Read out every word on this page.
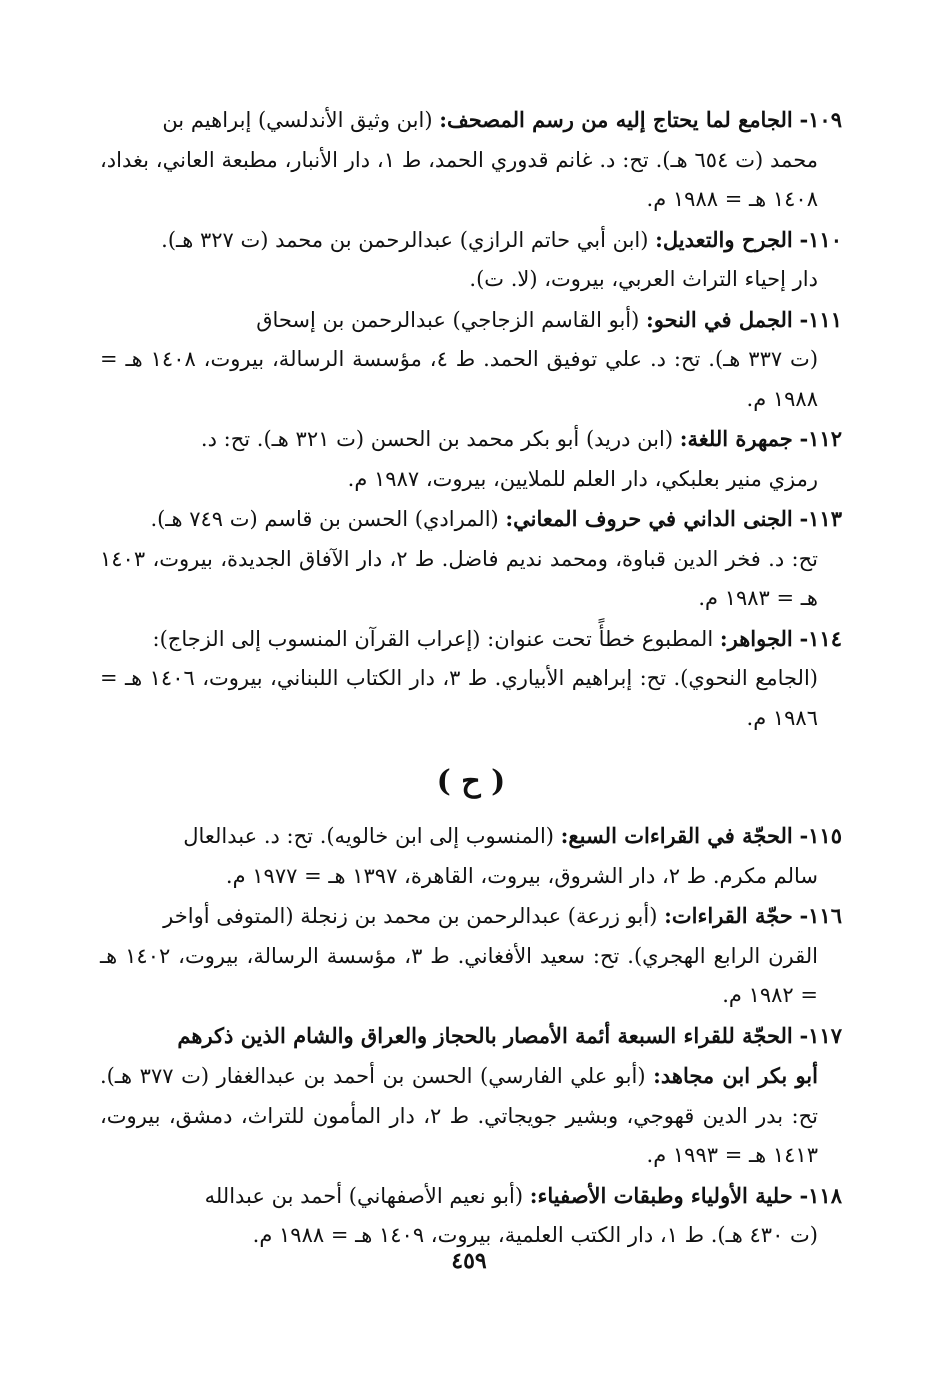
١٠٩- الجامع لما يحتاج إليه من رسم المصحف: (ابن وثيق الأندلسي) إبراهيم بن
محمد (ت ٦٥٤ هـ). تح: د. غانم قدوري الحمد، ط ١، دار الأنبار، مطبعة العاني، بغداد، ١٤٠٨ هـ = ١٩٨٨ م.
١١٠- الجرح والتعديل: (ابن أبي حاتم الرازي) عبدالرحمن بن محمد (ت ٣٢٧ هـ).
دار إحياء التراث العربي، بيروت، (لا. ت).
١١١- الجمل في النحو: (أبو القاسم الزجاجي) عبدالرحمن بن إسحاق
(ت ٣٣٧ هـ). تح: د. علي توفيق الحمد. ط ٤، مؤسسة الرسالة، بيروت، ١٤٠٨ هـ = ١٩٨٨ م.
١١٢- جمهرة اللغة: (ابن دريد) أبو بكر محمد بن الحسن (ت ٣٢١ هـ). تح: د.
رمزي منير بعلبكي، دار العلم للملايين، بيروت، ١٩٨٧ م.
١١٣- الجنى الداني في حروف المعاني: (المرادي) الحسن بن قاسم (ت ٧٤٩ هـ).
تح: د. فخر الدين قباوة، ومحمد نديم فاضل. ط ٢، دار الآفاق الجديدة، بيروت، ١٤٠٣ هـ = ١٩٨٣ م.
١١٤- الجواهر: المطبوع خطأً تحت عنوان: (إعراب القرآن المنسوب إلى الزجاج):
(الجامع النحوي). تح: إبراهيم الأبياري. ط ٣، دار الكتاب اللبناني، بيروت، ١٤٠٦ هـ = ١٩٨٦ م.
( ح )
١١٥- الحجّة في القراءات السبع: (المنسوب إلى ابن خالويه). تح: د. عبدالعال
سالم مكرم. ط ٢، دار الشروق، بيروت، القاهرة، ١٣٩٧ هـ = ١٩٧٧ م.
١١٦- حجّة القراءات: (أبو زرعة) عبدالرحمن بن محمد بن زنجلة (المتوفى أواخر
القرن الرابع الهجري). تح: سعيد الأفغاني. ط ٣، مؤسسة الرسالة، بيروت، ١٤٠٢ هـ = ١٩٨٢ م.
١١٧- الحجّة للقراء السبعة أئمة الأمصار بالحجاز والعراق والشام الذين ذكرهم
أبو بكر ابن مجاهد: (أبو علي الفارسي) الحسن بن أحمد بن عبدالغفار (ت ٣٧٧ هـ). تح: بدر الدين قهوجي، وبشير جويجاتي. ط ٢، دار المأمون للتراث، دمشق، بيروت، ١٤١٣ هـ = ١٩٩٣ م.
١١٨- حلية الأولياء وطبقات الأصفياء: (أبو نعيم الأصفهاني) أحمد بن عبدالله
(ت ٤٣٠ هـ). ط ١، دار الكتب العلمية، بيروت، ١٤٠٩ هـ = ١٩٨٨ م.
٤٥٩
